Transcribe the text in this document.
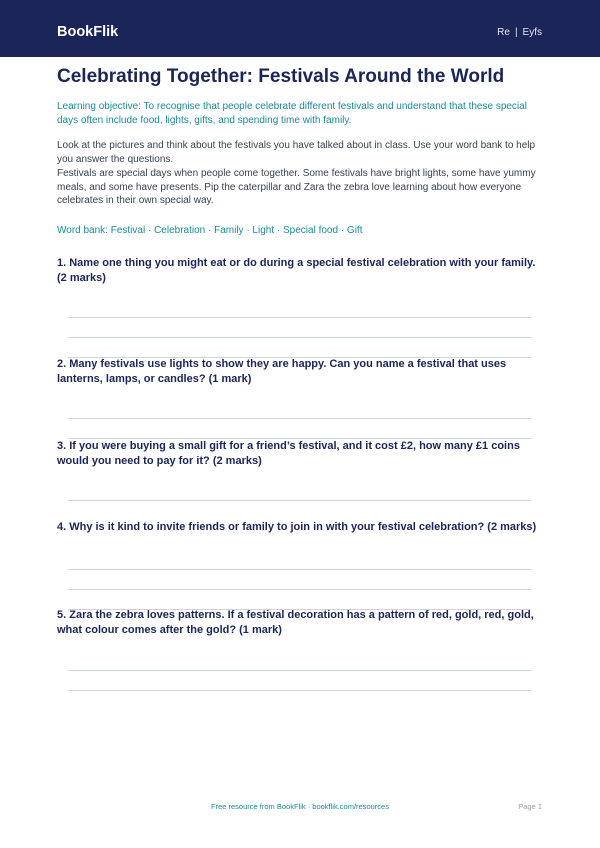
BookFlik	Re | Eyfs
Celebrating Together: Festivals Around the World

Learning objective: To recognise that people celebrate different festivals and understand that these special days often include food, lights, gifts, and spending time with family.

Look at the pictures and think about the festivals you have talked about in class. Use your word bank to help you answer the questions.

Festivals are special days when people come together. Some festivals have bright lights, some have yummy meals, and some have presents. Pip the caterpillar and Zara the zebra love learning about how everyone celebrates in their own special way.

Word bank: Festival · Celebration · Family · Light · Special food · Gift

1. Name one thing you might eat or do during a special festival celebration with your family. (2 marks)

2. Many festivals use lights to show they are happy. Can you name a festival that uses lanterns, lamps, or candles? (1 mark)

3. If you were buying a small gift for a friend’s festival, and it cost £2, how many £1 coins would you need to pay for it? (2 marks)

4. Why is it kind to invite friends or family to join in with your festival celebration? (2 marks)

5. Zara the zebra loves patterns. If a festival decoration has a pattern of red, gold, red, gold, what colour comes after the gold? (1 mark)

Free resource from BookFlik · bookflik.com/resources	Page 1
